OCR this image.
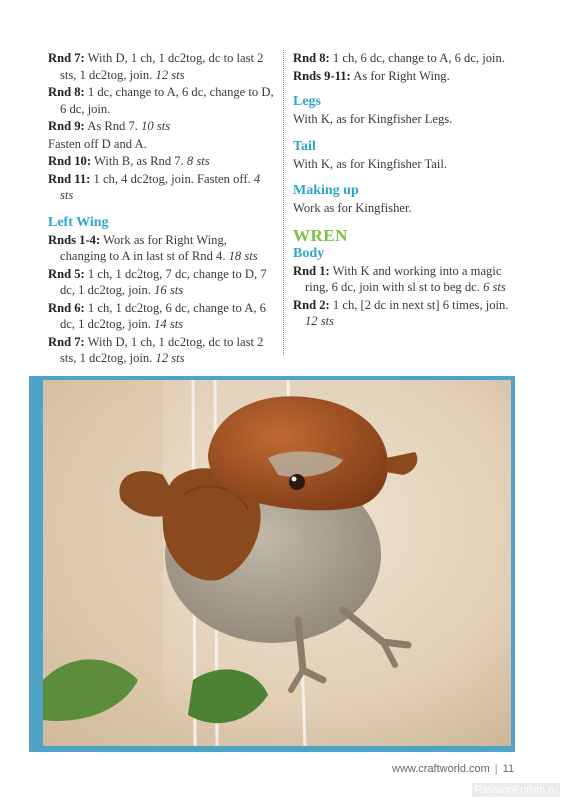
Rnd 7: With D, 1 ch, 1 dc2tog, dc to last 2 sts, 1 dc2tog, join. 12 sts

Rnd 8: 1 dc, change to A, 6 dc, change to D, 6 dc, join.

Rnd 9: As Rnd 7. 10 sts

Fasten off D and A.

Rnd 10: With B, as Rnd 7. 8 sts

Rnd 11: 1 ch, 4 dc2tog, join. Fasten off. 4 sts

Left Wing

Rnds 1-4: Work as for Right Wing, changing to A in last st of Rnd 4. 18 sts

Rnd 5: 1 ch, 1 dc2tog, 7 dc, change to D, 7 dc, 1 dc2tog, join. 16 sts

Rnd 6: 1 ch, 1 dc2tog, 6 dc, change to A, 6 dc, 1 dc2tog, join. 14 sts

Rnd 7: With D, 1 ch, 1 dc2tog, dc to last 2 sts, 1 dc2tog, join. 12 sts

Rnd 8: 1 ch, 6 dc, change to A, 6 dc, join.

Rnds 9-11: As for Right Wing.

Legs

With K, as for Kingfisher Legs.

Tail

With K, as for Kingfisher Tail.

Making up

Work as for Kingfisher.

WREN
Body

Rnd 1: With K and working into a magic ring, 6 dc, join with sl st to beg dc. 6 sts

Rnd 2: 1 ch, [2 dc in next st] 6 times, join. 12 sts

www.craftworld.com | 11
PassionForum.ru
